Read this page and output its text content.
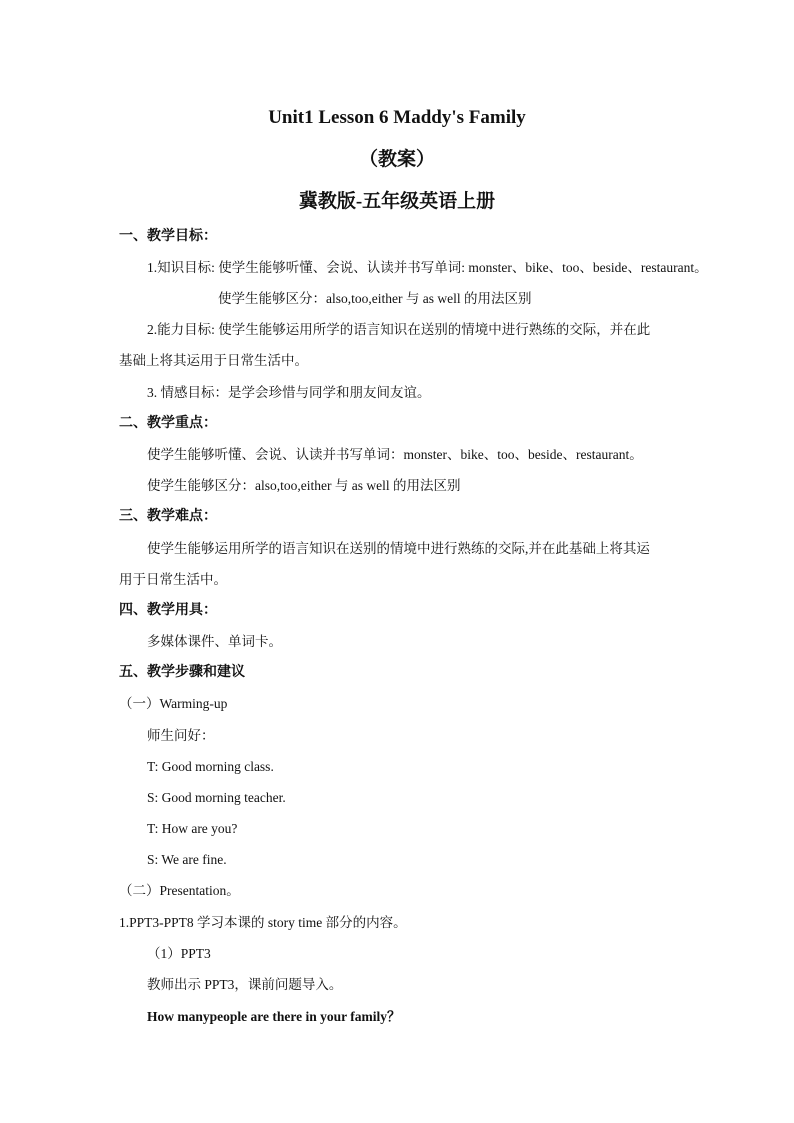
Unit1 Lesson 6 Maddy's Family
（教案）
冀教版-五年级英语上册
一、教学目标：
1.知识目标: 使学生能够听懂、会说、认读并书写单词: monster、bike、too、beside、restaurant。
使学生能够区分：also,too,either 与 as well 的用法区别
2.能力目标: 使学生能够运用所学的语言知识在送别的情境中进行熟练的交际，并在此
基础上将其运用于日常生活中。
3. 情感目标：是学会珍惜与同学和朋友间友谊。
二、教学重点：
使学生能够听懂、会说、认读并书写单词：monster、bike、too、beside、restaurant。
使学生能够区分：also,too,either 与 as well 的用法区别
三、教学难点：
使学生能够运用所学的语言知识在送别的情境中进行熟练的交际,并在此基础上将其运
用于日常生活中。
四、教学用具：
多媒体课件、单词卡。
五、教学步骤和建议
（一）Warming-up
师生问好：
T: Good morning class.
S: Good morning teacher.
T: How are you?
S: We are fine.
（二）Presentation。
1.PPT3-PPT8 学习本课的 story time 部分的内容。
（1）PPT3
教师出示 PPT3，课前问题导入。
How manypeople are there in your family？
